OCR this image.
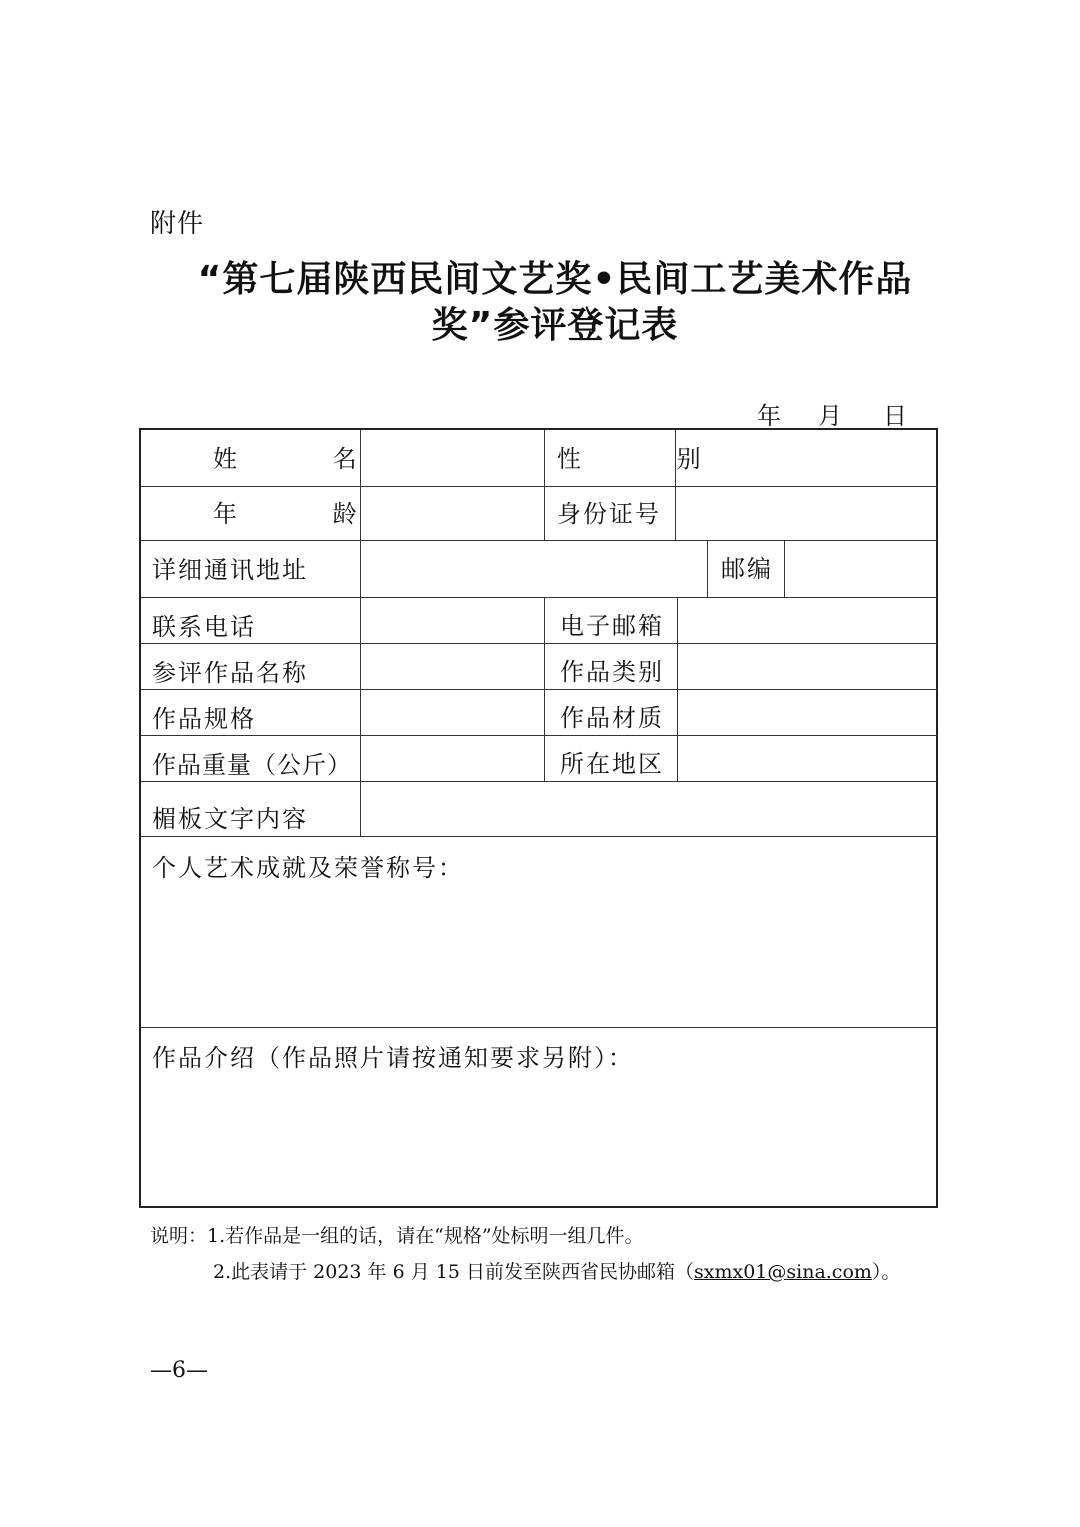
附件
“第七届陕西民间文艺奖•民间工艺美术作品
奖”参评登记表
年 月 日
姓 名	性 别
年 龄	身份证号
详细通讯地址	邮编
联系电话	电子邮箱
参评作品名称	作品类别
作品规格	作品材质
作品重量（公斤）	所在地区
楣板文字内容
个人艺术成就及荣誉称号：
作品介绍（作品照片请按通知要求另附）：
说明：1.若作品是一组的话，请在“规格”处标明一组几件。
2.此表请于 2023 年 6 月 15 日前发至陕西省民协邮箱（sxmx01@sina.com）。
—6—
